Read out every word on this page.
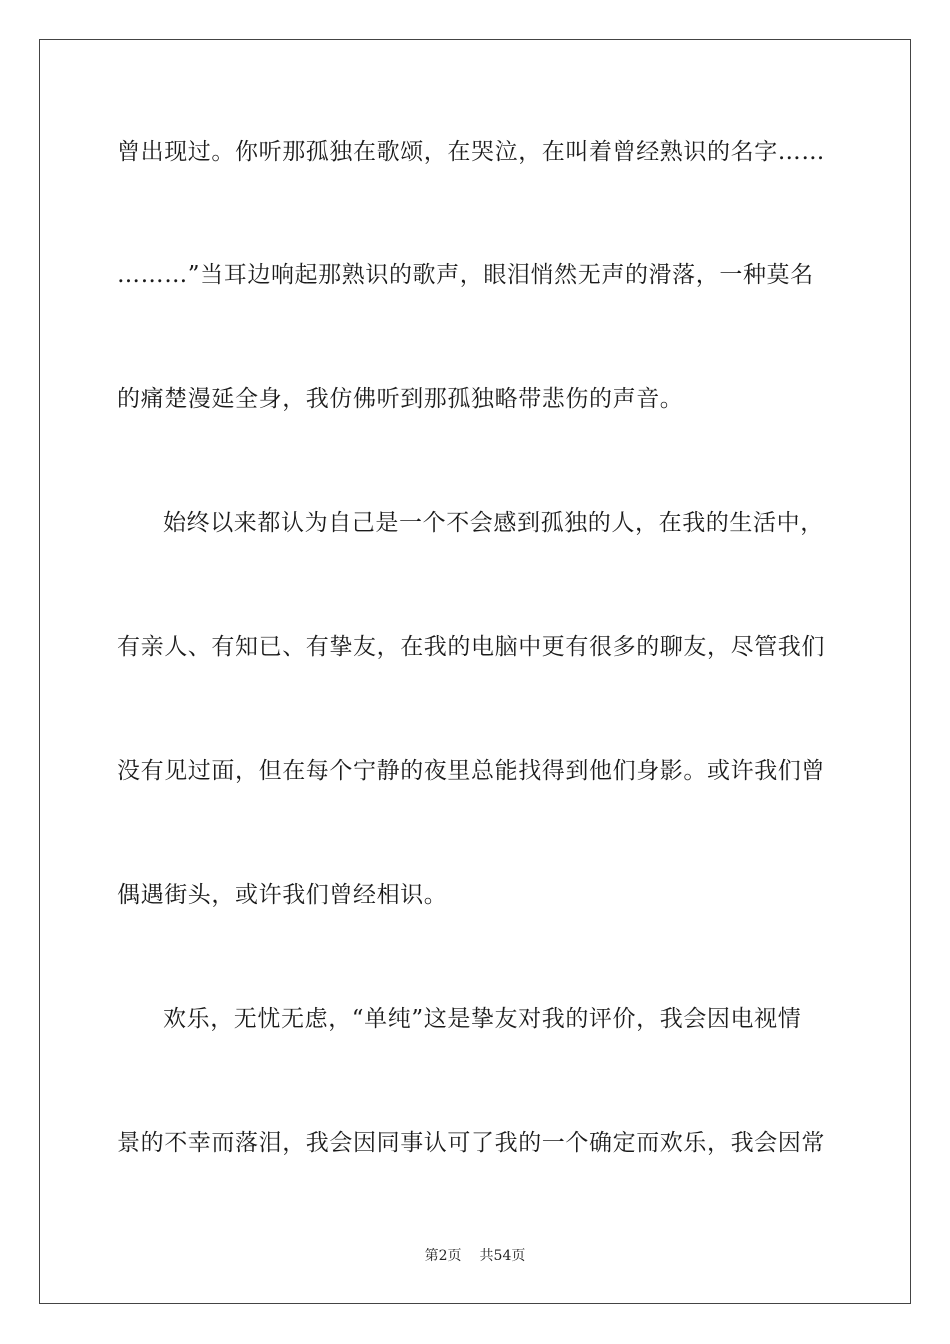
曾出现过。你听那孤独在歌颂，在哭泣，在叫着曾经熟识的名字……
………”当耳边响起那熟识的歌声，眼泪悄然无声的滑落，一种莫名
的痛楚漫延全身，我仿佛听到那孤独略带悲伤的声音。
始终以来都认为自己是一个不会感到孤独的人，在我的生活中，
有亲人、有知已、有挚友，在我的电脑中更有很多的聊友，尽管我们
没有见过面，但在每个宁静的夜里总能找得到他们身影。或许我们曾
偶遇街头，或许我们曾经相识。
欢乐，无忧无虑，“单纯”这是挚友对我的评价，我会因电视情
景的不幸而落泪，我会因同事认可了我的一个确定而欢乐，我会因常
第2页 共54页
